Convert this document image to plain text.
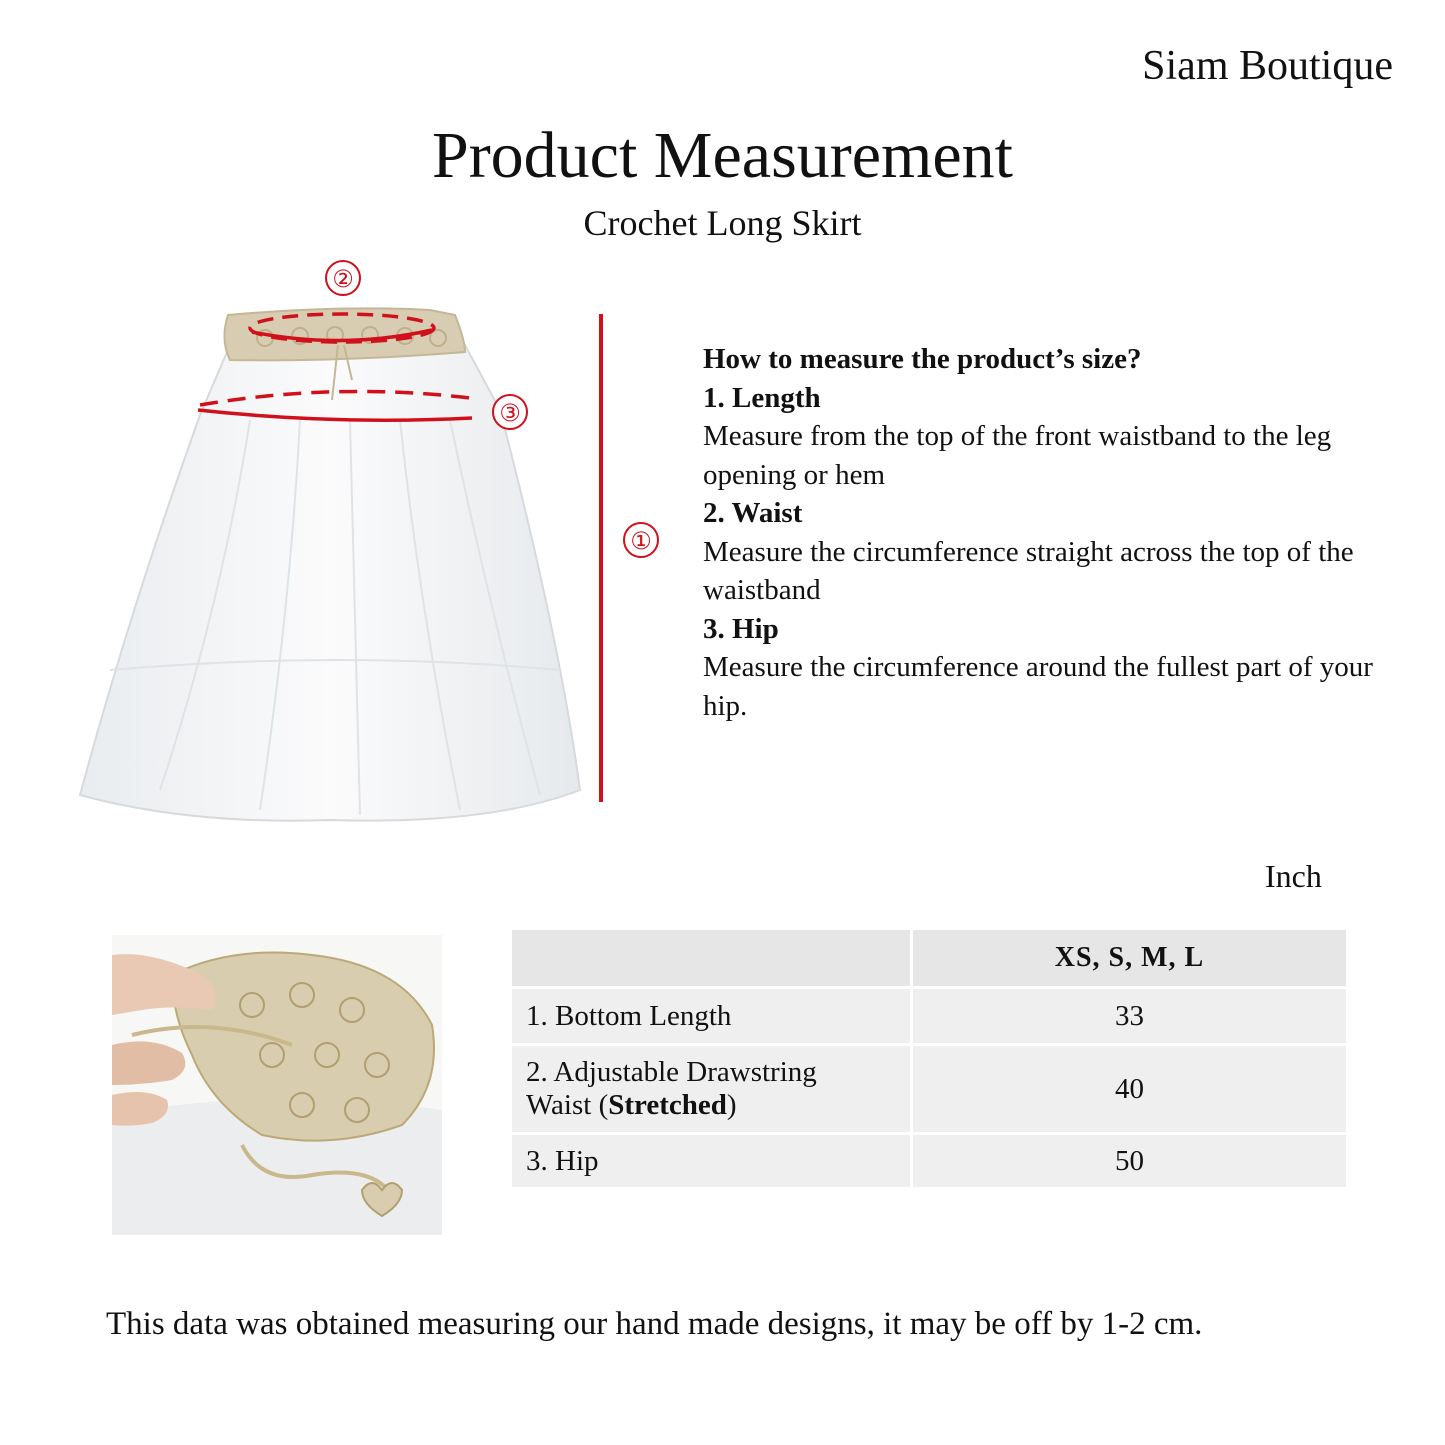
Siam Boutique
Product Measurement
Crochet Long Skirt
②
③
①
How to measure the product’s size?
1. Length
Measure from the top of the front waistband to the leg opening or hem
2. Waist
Measure the circumference straight across the top of the waistband
3. Hip
Measure the circumference around the fullest part of your hip.
Inch
	XS, S, M, L
1. Bottom Length	33

2. Adjustable Drawstring
Waist (Stretched)	40
3. Hip	50
This data was obtained measuring our hand made designs, it may be off by 1-2 cm.
